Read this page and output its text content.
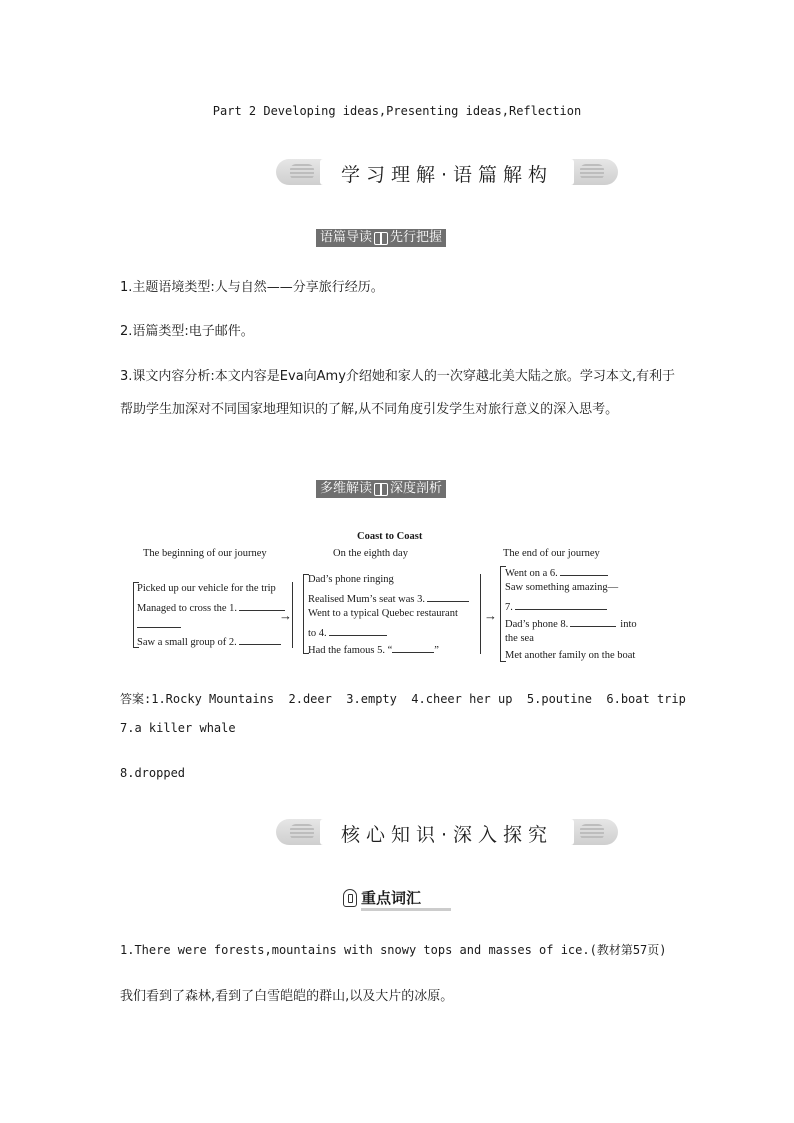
Part 2 Developing ideas,Presenting ideas,Reflection
学习理解·语篇解构
语篇导读 先行把握
1.主题语境类型:人与自然——分享旅行经历。
2.语篇类型:电子邮件。
3.课文内容分析:本文内容是Eva向Amy介绍她和家人的一次穿越北美大陆之旅。学习本文,有利于帮助学生加深对不同国家地理知识的了解,从不同角度引发学生对旅行意义的深入思考。
多维解读 深度剖析
Coast to Coast
The beginning of our journey	On the eighth day	The end of our journey
Picked up our vehicle for the trip
Managed to cross the 1.
Saw a small group of 2.
→
Dad’s phone ringing
Realised Mum’s seat was 3.
Went to a typical Quebec restaurant
to 4.
Had the famous 5. “	”
→
Went on a 6.
Saw something amazing—
7.
Dad’s phone 8.	into
the sea
Met another family on the boat
答案:1.Rocky Mountains  2.deer  3.empty  4.cheer her up  5.poutine  6.boat trip
7.a killer whale
8.dropped
核心知识·深入探究
重点词汇
1.There were forests,mountains with snowy tops and masses of ice.(教材第57页)
我们看到了森林,看到了白雪皑皑的群山,以及大片的冰原。
